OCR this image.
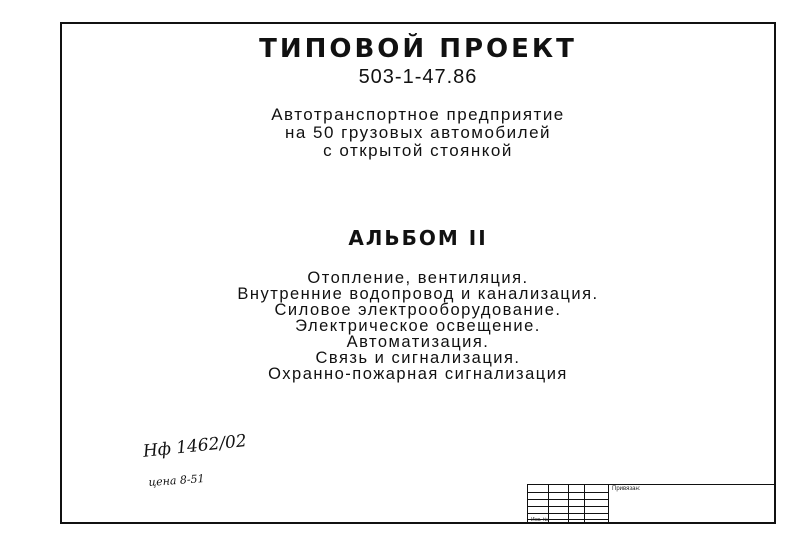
ТИПОВОЙ ПРОЕКТ
503-1-47.86
Автотранспортное предприятие
на 50 грузовых автомобилей
с открытой стоянкой
АЛЬБОМ II
Отопление, вентиляция.
Внутренние водопровод и канализация.
Силовое электрооборудование.
Электрическое освещение.
Автоматизация.
Связь и сигнализация.
Охранно-пожарная сигнализация
Нф 1462/02
цена 8-51
Привязан:
Инв. №
